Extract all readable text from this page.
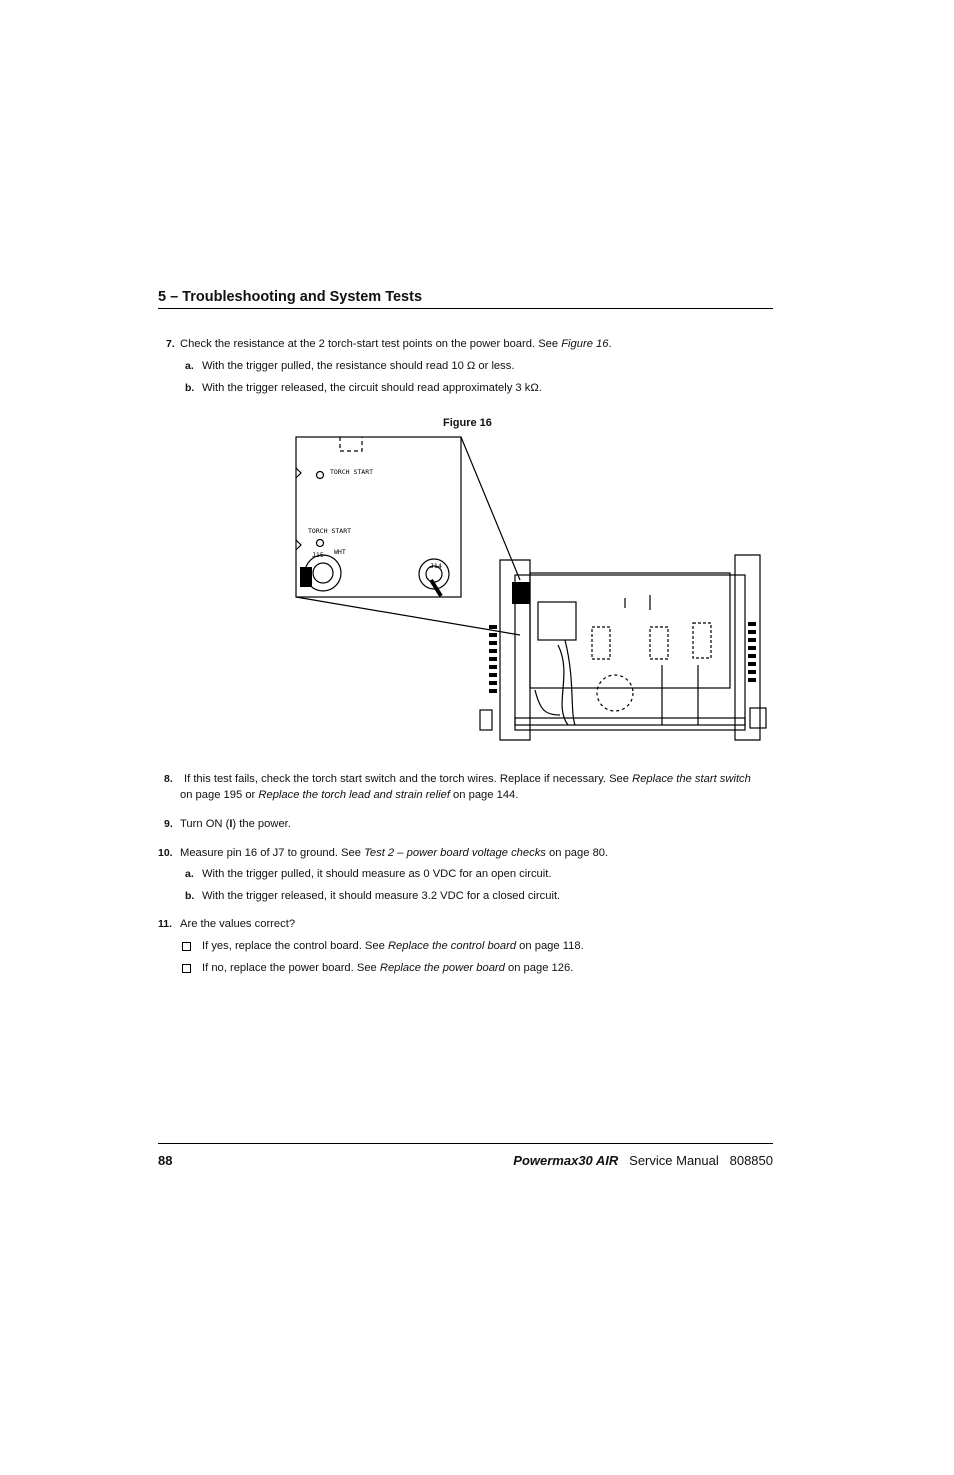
5 – Troubleshooting and System Tests
7. Check the resistance at the 2 torch-start test points on the power board. See Figure 16.
a. With the trigger pulled, the resistance should read 10 Ω or less.
b. With the trigger released, the circuit should read approximately 3 kΩ.
Figure 16
TORCH START
TORCH START
J15 WHT
J14
8. If this test fails, check the torch start switch and the torch wires. Replace if necessary. See Replace the start switch
on page 195 or Replace the torch lead and strain relief on page 144.
9. Turn ON (I) the power.
10. Measure pin 16 of J7 to ground. See Test 2 – power board voltage checks on page 80.
a. With the trigger pulled, it should measure as 0 VDC for an open circuit.
b. With the trigger released, it should measure 3.2 VDC for a closed circuit.
11. Are the values correct?
If yes, replace the control board. See Replace the control board on page 118.
If no, replace the power board. See Replace the power board on page 126.
88	Powermax30 AIR Service Manual 808850
